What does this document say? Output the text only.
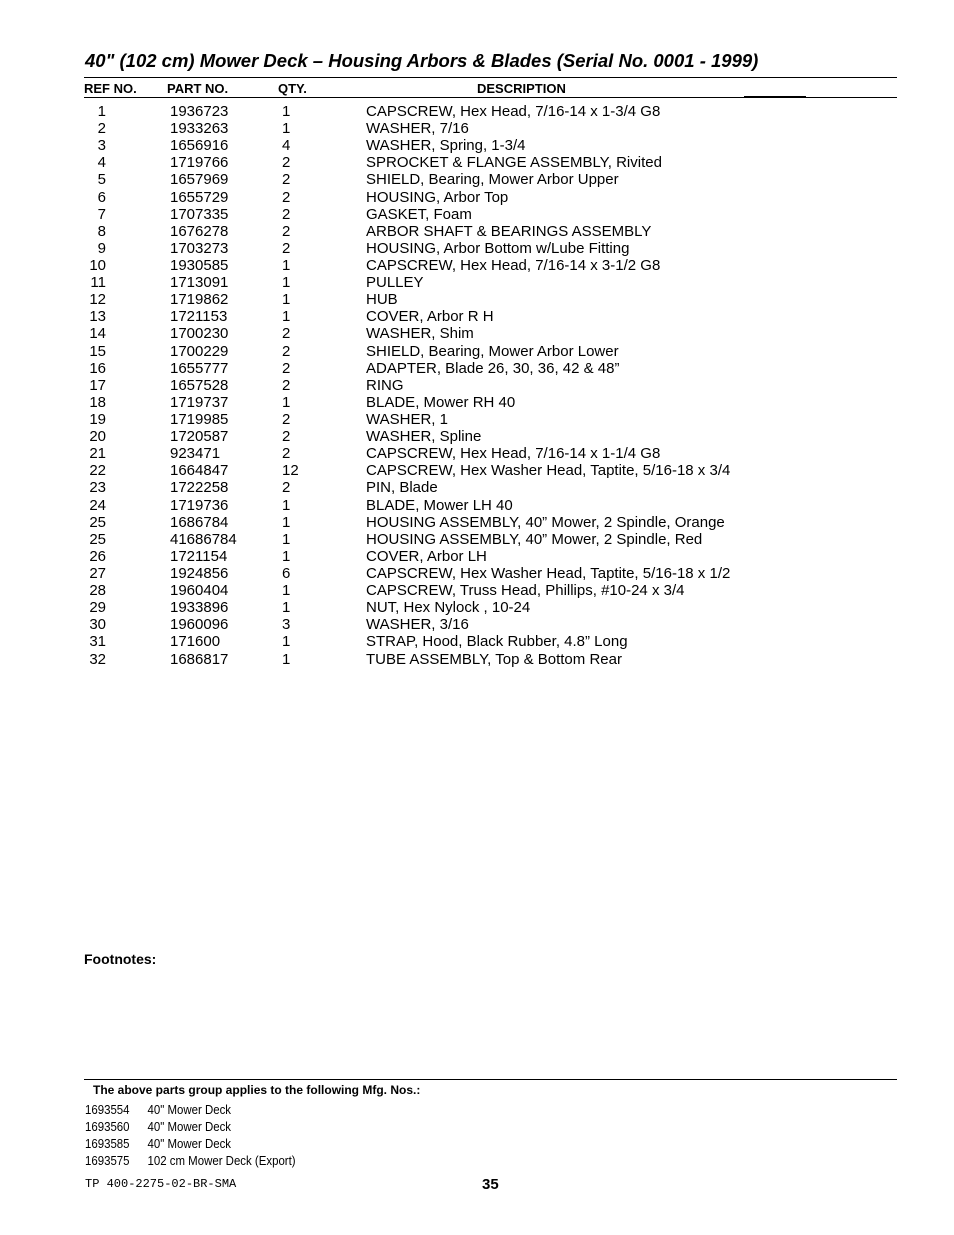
40" (102 cm) Mower Deck – Housing Arbors & Blades (Serial No. 0001 - 1999)
REF NO. PART NO.	QTY.	DESCRIPTION
1	1936723	1	CAPSCREW, Hex Head, 7/16-14 x 1-3/4 G8
2	1933263	1	WASHER, 7/16
3	1656916	4	WASHER, Spring, 1-3/4
4	1719766	2	SPROCKET & FLANGE ASSEMBLY, Rivited
5	1657969	2	SHIELD, Bearing, Mower Arbor Upper
6	1655729	2	HOUSING, Arbor Top
7	1707335	2	GASKET, Foam
8	1676278	2	ARBOR SHAFT & BEARINGS ASSEMBLY
9	1703273	2	HOUSING, Arbor Bottom w/Lube Fitting
10	1930585	1	CAPSCREW, Hex Head, 7/16-14 x 3-1/2 G8
11	1713091	1	PULLEY
12	1719862	1	HUB
13	1721153	1	COVER, Arbor R H
14	1700230	2	WASHER, Shim
15	1700229	2	SHIELD, Bearing, Mower Arbor Lower
16	1655777	2	ADAPTER, Blade 26, 30, 36, 42 & 48”
17	1657528	2	RING
18	1719737	1	BLADE, Mower RH 40
19	1719985	2	WASHER, 1
20	1720587	2	WASHER, Spline
21	923471	2	CAPSCREW, Hex Head, 7/16-14 x 1-1/4 G8
22	1664847	12	CAPSCREW, Hex Washer Head, Taptite, 5/16-18 x 3/4
23	1722258	2	PIN, Blade
24	1719736	1	BLADE, Mower LH 40
25	1686784	1	HOUSING ASSEMBLY, 40” Mower, 2 Spindle, Orange
25	41686784	1	HOUSING ASSEMBLY, 40” Mower, 2 Spindle, Red
26	1721154	1	COVER, Arbor LH
27	1924856	6	CAPSCREW, Hex Washer Head, Taptite, 5/16-18 x 1/2
28	1960404	1	CAPSCREW, Truss Head, Phillips, #10-24 x 3/4
29	1933896	1	NUT, Hex Nylock , 10-24
30	1960096	3	WASHER, 3/16
31	171600	1	STRAP, Hood, Black Rubber, 4.8” Long
32	1686817	1	TUBE ASSEMBLY, Top & Bottom Rear
Footnotes:
The above parts group applies to the following Mfg. Nos.:
1693554 40" Mower Deck
1693560 40" Mower Deck
1693585 40" Mower Deck
1693575 102 cm Mower Deck (Export)
TP 400-2275-02-BR-SMA	35
